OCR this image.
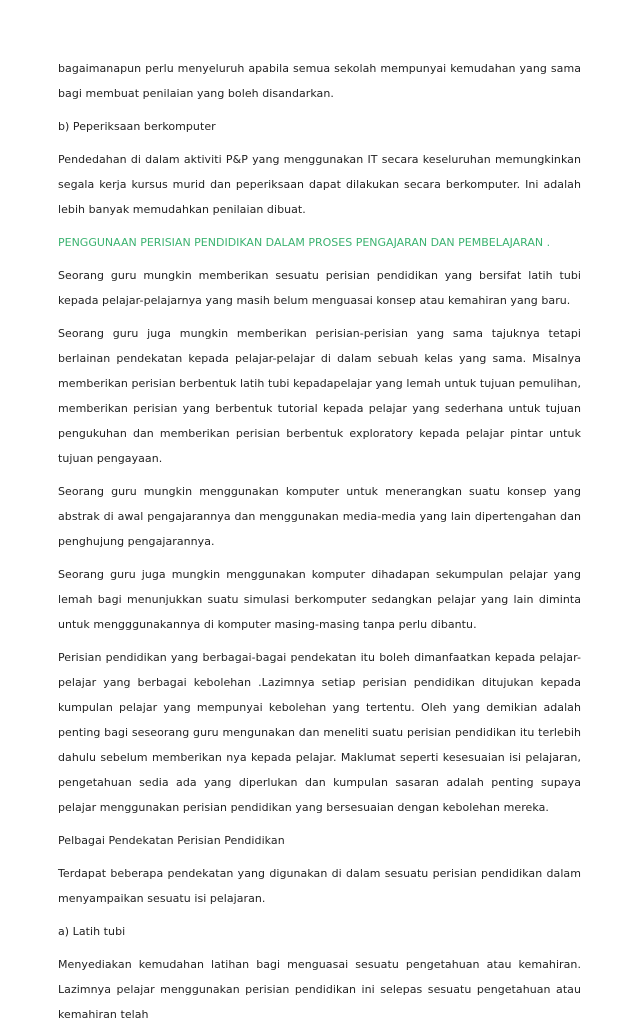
bagaimanapun perlu menyeluruh apabila semua sekolah mempunyai kemudahan yang sama bagi membuat penilaian yang boleh disandarkan.

b) Peperiksaan berkomputer

Pendedahan di dalam aktiviti P&P yang menggunakan IT secara keseluruhan memungkinkan segala kerja kursus murid dan peperiksaan dapat dilakukan secara berkomputer. Ini adalah lebih banyak memudahkan penilaian dibuat.

PENGGUNAAN PERISIAN PENDIDIKAN DALAM PROSES PENGAJARAN DAN PEMBELAJARAN .

Seorang guru mungkin memberikan sesuatu perisian pendidikan yang bersifat latih tubi kepada pelajar-pelajarnya yang masih belum menguasai konsep atau kemahiran yang baru.

Seorang guru juga mungkin memberikan perisian-perisian yang sama tajuknya tetapi berlainan pendekatan kepada pelajar-pelajar di dalam sebuah kelas yang sama. Misalnya memberikan perisian berbentuk latih tubi kepadapelajar yang lemah untuk tujuan pemulihan, memberikan perisian yang berbentuk tutorial kepada pelajar yang sederhana untuk tujuan pengukuhan dan memberikan perisian berbentuk exploratory kepada pelajar pintar untuk tujuan pengayaan.

Seorang guru mungkin menggunakan komputer untuk menerangkan suatu konsep yang abstrak di awal pengajarannya dan menggunakan media-media yang lain dipertengahan dan penghujung pengajarannya.

Seorang guru juga mungkin menggunakan komputer dihadapan sekumpulan pelajar yang lemah bagi menunjukkan suatu simulasi berkomputer sedangkan pelajar yang lain diminta untuk mengggunakannya di komputer masing-masing tanpa perlu dibantu.

Perisian pendidikan yang berbagai-bagai pendekatan itu boleh dimanfaatkan kepada pelajar-pelajar yang berbagai kebolehan .Lazimnya setiap perisian pendidikan ditujukan kepada kumpulan pelajar yang mempunyai kebolehan yang tertentu. Oleh yang demikian adalah penting bagi seseorang guru mengunakan dan meneliti suatu perisian pendidikan itu terlebih dahulu sebelum memberikan nya kepada pelajar. Maklumat seperti kesesuaian isi pelajaran, pengetahuan sedia ada yang diperlukan dan kumpulan sasaran adalah penting supaya pelajar menggunakan perisian pendidikan yang bersesuaian dengan kebolehan mereka.

Pelbagai Pendekatan Perisian Pendidikan

Terdapat beberapa pendekatan yang digunakan di dalam sesuatu perisian pendidikan dalam menyampaikan sesuatu isi pelajaran.

a) Latih tubi

Menyediakan kemudahan latihan bagi menguasai sesuatu pengetahuan atau kemahiran. Lazimnya pelajar menggunakan perisian pendidikan ini selepas sesuatu pengetahuan atau kemahiran telah
